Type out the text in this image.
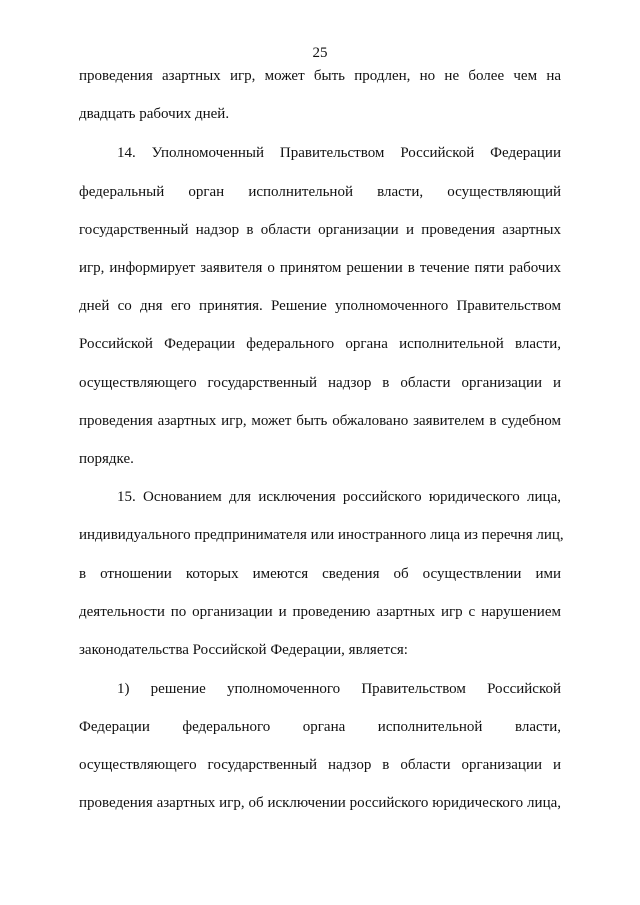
25
проведения азартных игр, может быть продлен, но не более чем на
двадцать рабочих дней.
14. Уполномоченный Правительством Российской Федерации
федеральный орган исполнительной власти, осуществляющий
государственный надзор в области организации и проведения азартных
игр, информирует заявителя о принятом решении в течение пяти рабочих
дней со дня его принятия. Решение уполномоченного Правительством
Российской Федерации федерального органа исполнительной власти,
осуществляющего государственный надзор в области организации и
проведения азартных игр, может быть обжаловано заявителем в судебном
порядке.
15. Основанием для исключения российского юридического лица,
индивидуального предпринимателя или иностранного лица из перечня лиц,
в отношении которых имеются сведения об осуществлении ими
деятельности по организации и проведению азартных игр с нарушением
законодательства Российской Федерации, является:
1) решение уполномоченного Правительством Российской
Федерации федерального органа исполнительной власти,
осуществляющего государственный надзор в области организации и
проведения азартных игр, об исключении российского юридического лица,
